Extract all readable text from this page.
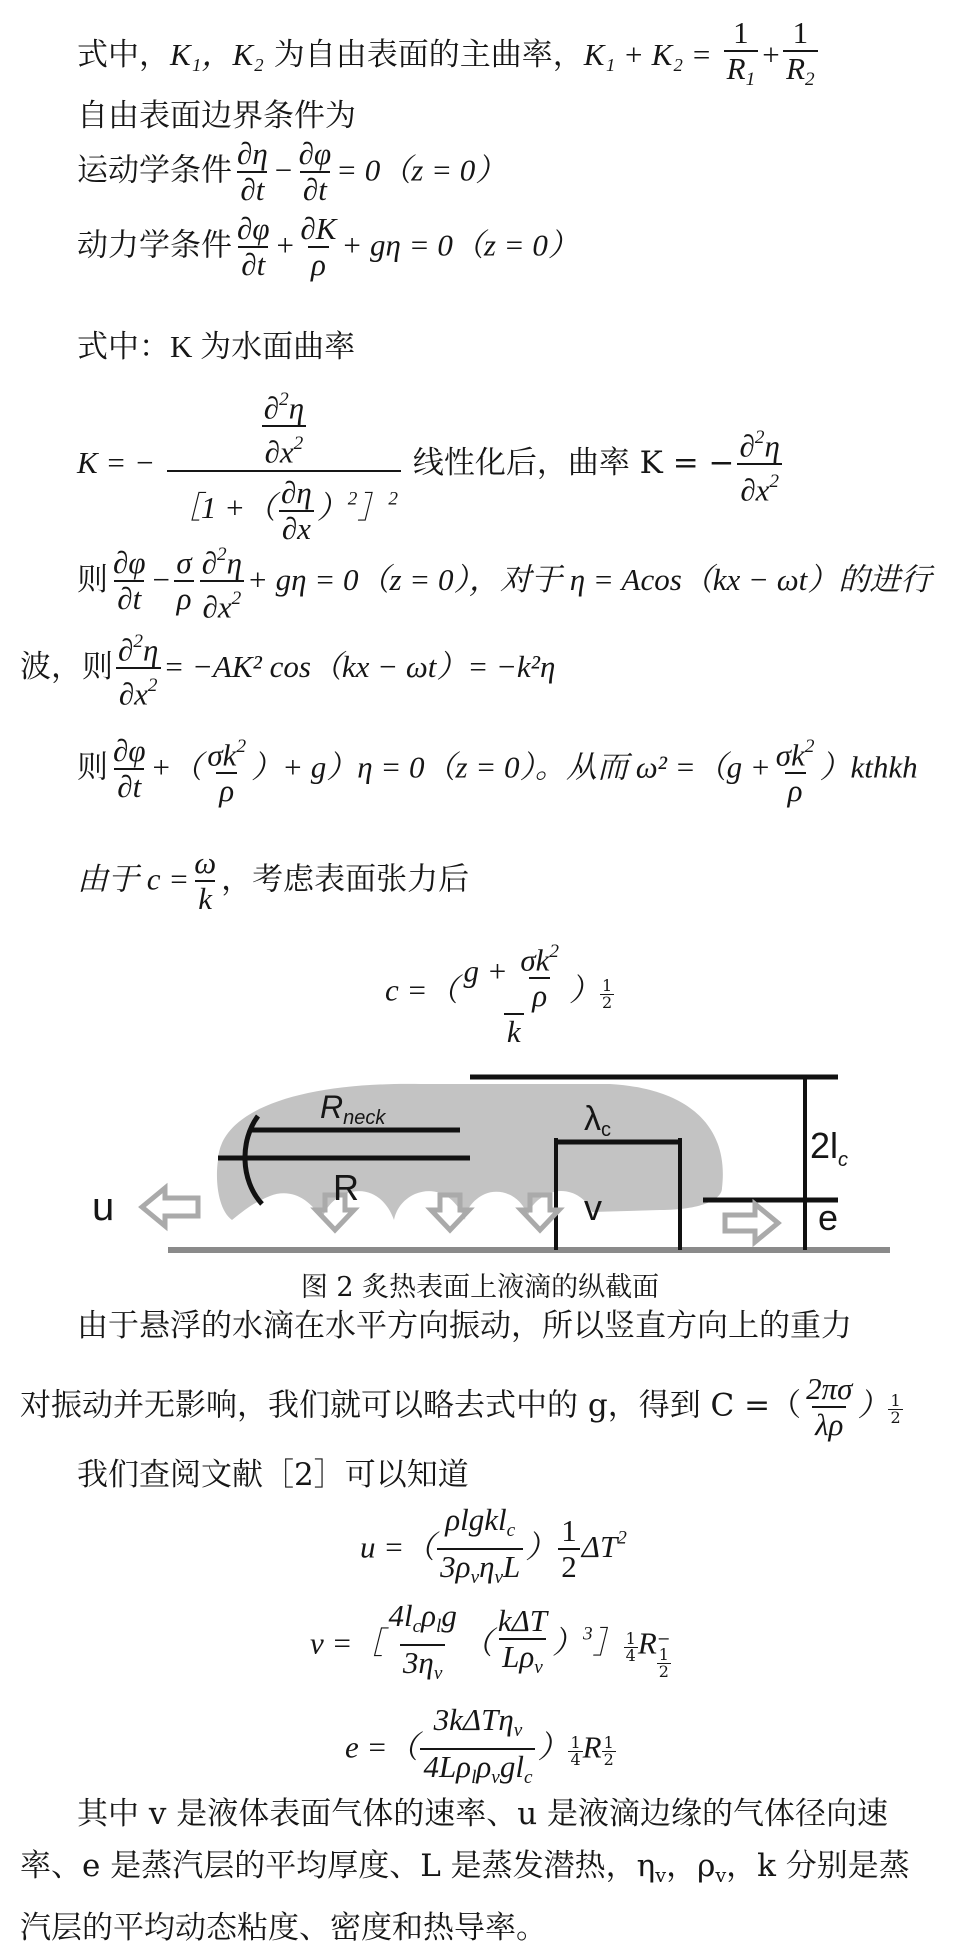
式中，K₁，K₂ 为自由表面的主曲率，$K_1 + K_2 = \frac{1}{R_1} + \frac{1}{R_2}$
自由表面边界条件为
运动学条件 $\frac{\partial\eta}{\partial t} - \frac{\partial\varphi}{\partial t} = 0(z = 0)$
动力学条件 $\frac{\partial\varphi}{\partial t} + \frac{\partial K}{\rho} + g\eta = 0(z = 0)$
式中：K 为水面曲率
K = − $\frac{\frac{\partial^2\eta}{\partial x^2}}{[1 +( \frac{\partial\eta}{\partial x} )^2]^2}$ 线性化后，曲率 K = − $\frac{\partial^2\eta}{\partial x^2}$
则 $\frac{\partial\varphi}{\partial t} - \frac{\sigma}{\rho} \frac{\partial^2\eta}{\partial x^2} + g\eta = 0(z = 0)$，对于 η = Acos（kx − ωt）的进行
波，则 $\frac{\partial^2\eta}{\partial x^2} = -AK^2$ cos（kx − ωt）= −k²η
则 $\frac{\partial\varphi}{\partial t}$ +（ $\frac{\sigma k^2}{\rho}$ ）+ g）η = 0（z = 0）。从而 $\omega^2 =(g + \frac{\sigma k^2}{\rho}$ ）kthkh
由于 $c = \frac{\omega}{k}$ ，考虑表面张力后
c =（ $\frac{g + \frac{\sigma k^2}{\rho}}{k}$ ） $\frac{1}{2}$
Rneck
R
u	v	e
λc	$2l_c$
图 2 炙热表面上液滴的纵截面
由于悬浮的水滴在水平方向振动，所以竖直方向上的重力
对振动并无影响，我们就可以略去式中的 g，得到 C =（ $\frac{2\pi\sigma}{\lambda\rho}$ ） $\frac{1}{2}$
我们查阅文献［2］可以知道
u =（ $\frac{\rho lgkl_c}{3\rho_v\eta_vL}$ ） $\frac{1}{2} \Delta T^2$
v =［ $\frac{4l_c\rho_lg}{3\eta_v}$ （ $\frac{\text{kΔT}}{L\rho_v}$ ）$^3$］ $\frac{1}{4} R-$
1
2
e =（ $\frac{3k\Delta T\eta_v}{4L\rho_l\rho_vgl_c}$ ） $\frac{1}{4}$ R $\frac{1}{2}$
其中 v 是液体表面气体的速率、u 是液滴边缘的气体径向速率、e 是蒸汽层的平均厚度、L 是蒸发潜热，$\eta_v$，$\rho_v$，k 分别是蒸汽层的平均动态粘度、密度和热导率。
